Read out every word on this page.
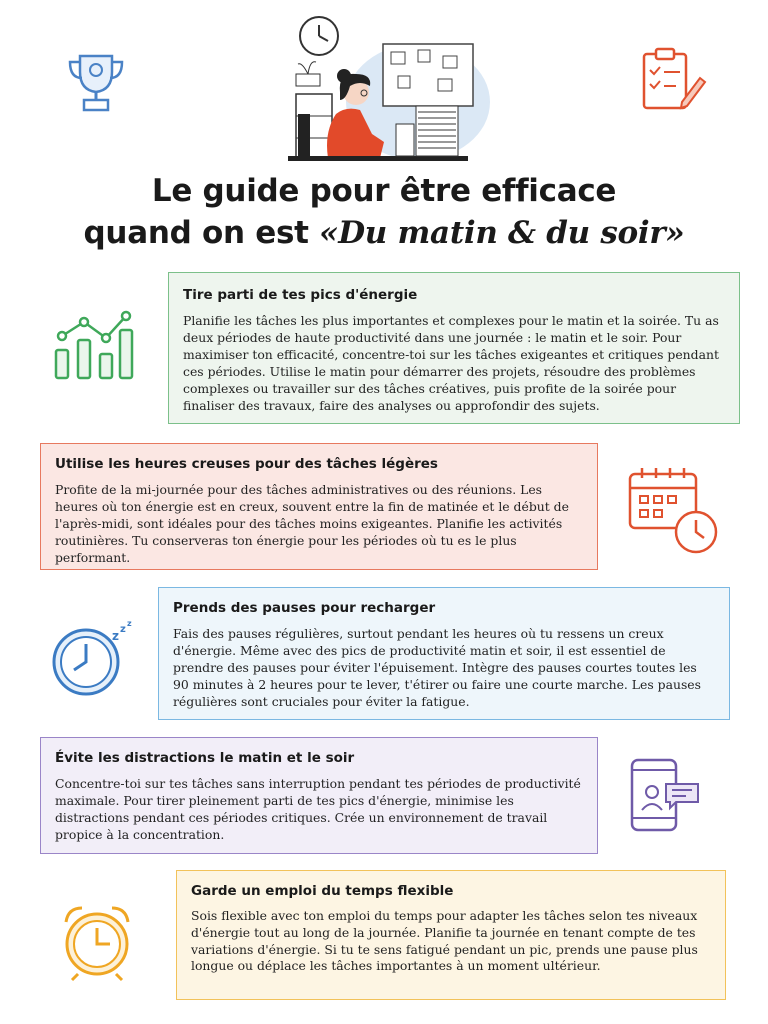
Le guide pour être efficace
quand on est «Du matin & du soir»
Tire parti de tes pics d'énergie

Planifie les tâches les plus importantes et complexes pour le matin et la soirée. Tu as deux périodes de haute productivité dans une journée : le matin et le soir. Pour maximiser ton efficacité, concentre-toi sur les tâches exigeantes et critiques pendant ces périodes. Utilise le matin pour démarrer des projets, résoudre des problèmes complexes ou travailler sur des tâches créatives, puis profite de la soirée pour finaliser des travaux, faire des analyses ou approfondir des sujets.

Utilise les heures creuses pour des tâches légères

Profite de la mi-journée pour des tâches administratives ou des réunions. Les heures où ton énergie est en creux, souvent entre la fin de matinée et le début de l'après-midi, sont idéales pour des tâches moins exigeantes. Planifie les activités routinières. Tu conserveras ton énergie pour les périodes où tu es le plus performant.

Prends des pauses pour recharger

Fais des pauses régulières, surtout pendant les heures où tu ressens un creux d'énergie. Même avec des pics de productivité matin et soir, il est essentiel de prendre des pauses pour éviter l'épuisement. Intègre des pauses courtes toutes les 90 minutes à 2 heures pour te lever, t'étirer ou faire une courte marche. Les pauses régulières sont cruciales pour éviter la fatigue.

z z
z
Évite les distractions le matin et le soir

Concentre-toi sur tes tâches sans interruption pendant tes périodes de productivité maximale. Pour tirer pleinement parti de tes pics d'énergie, minimise les distractions pendant ces périodes critiques. Crée un environnement de travail propice à la concentration.

Garde un emploi du temps flexible

Sois flexible avec ton emploi du temps pour adapter les tâches selon tes niveaux d'énergie tout au long de la journée. Planifie ta journée en tenant compte de tes variations d'énergie. Si tu te sens fatigué pendant un pic, prends une pause plus longue ou déplace les tâches importantes à un moment ultérieur.
